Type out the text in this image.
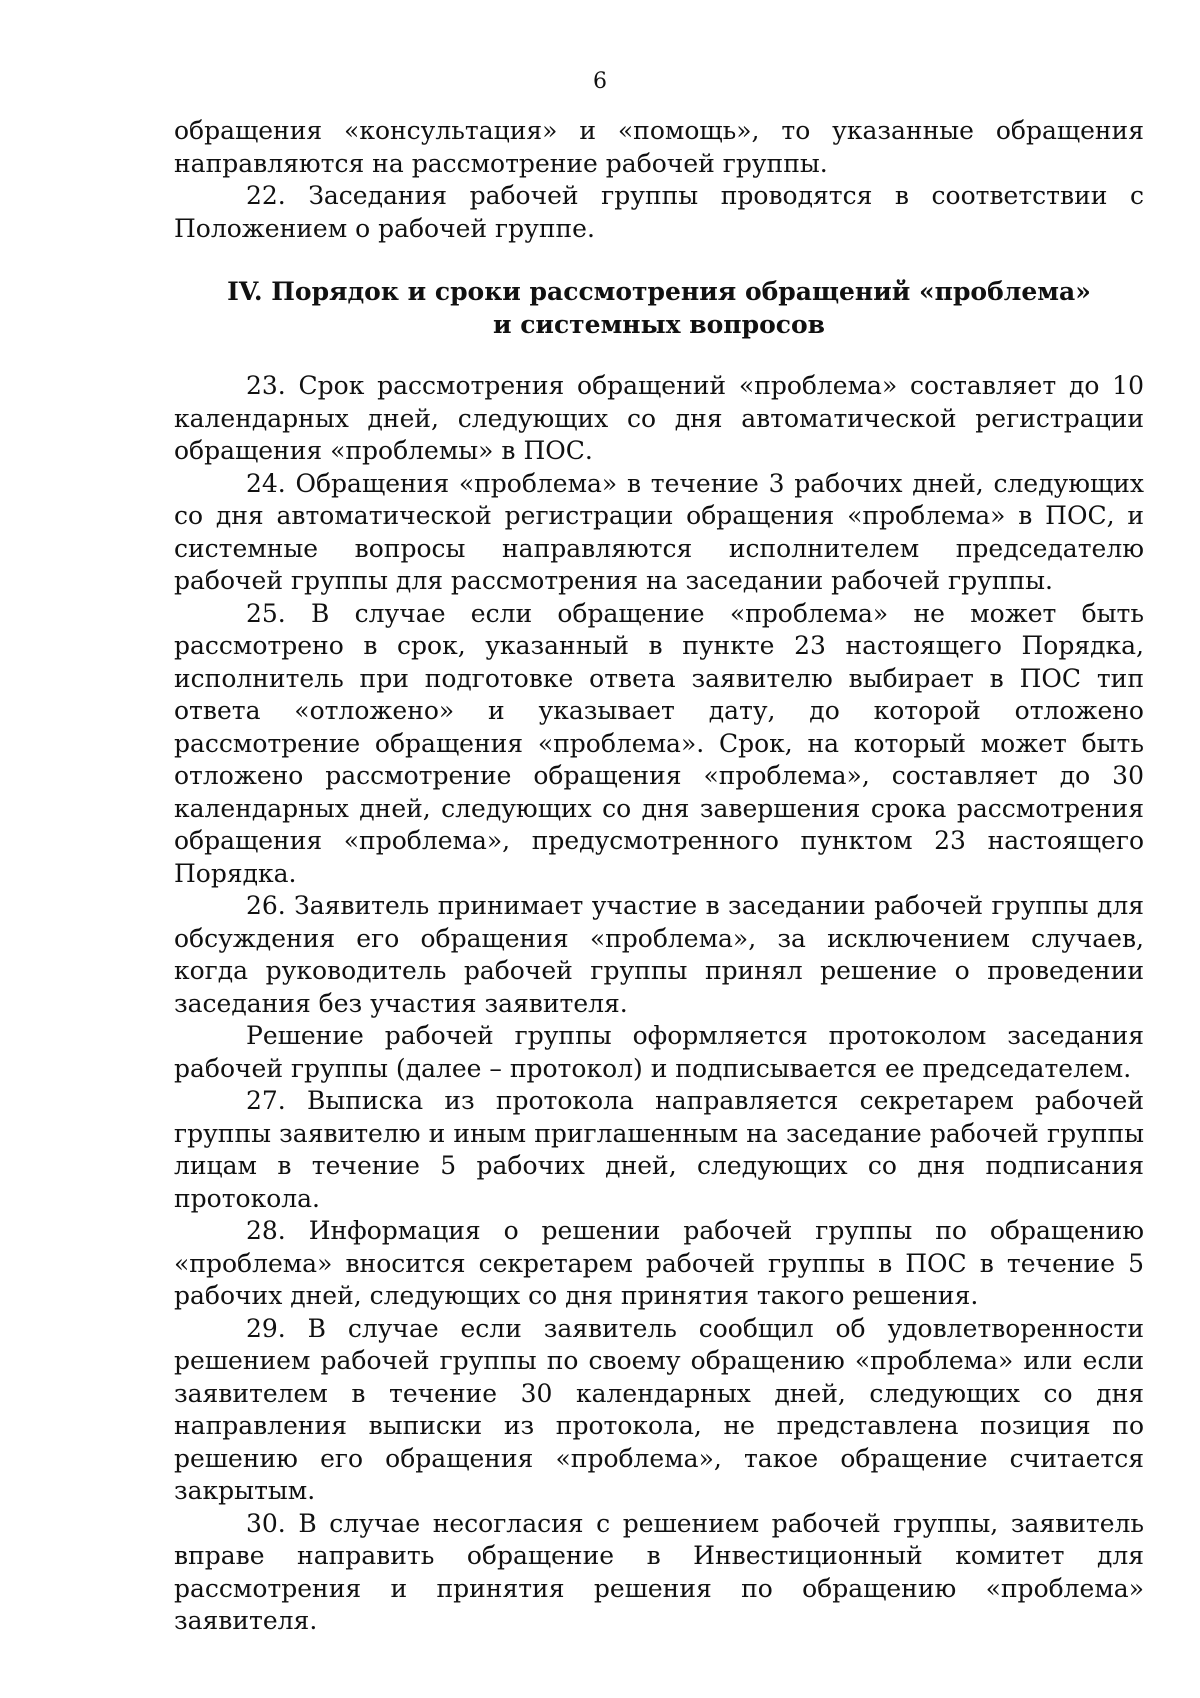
6

обращения «консультация» и «помощь», то указанные обращения направляются на рассмотрение рабочей группы.

22. Заседания рабочей группы проводятся в соответствии с Положением о рабочей группе.

IV. Порядок и сроки рассмотрения обращений «проблема»
и системных вопросов

23. Срок рассмотрения обращений «проблема» составляет до 10 календарных дней, следующих со дня автоматической регистрации обращения «проблемы» в ПОС.

24. Обращения «проблема» в течение 3 рабочих дней, следующих со дня автоматической регистрации обращения «проблема» в ПОС, и системные вопросы направляются исполнителем председателю рабочей группы для рассмотрения на заседании рабочей группы.

25. В случае если обращение «проблема» не может быть рассмотрено в срок, указанный в пункте 23 настоящего Порядка, исполнитель при подготовке ответа заявителю выбирает в ПОС тип ответа «отложено» и указывает дату, до которой отложено рассмотрение обращения «проблема». Срок, на который может быть отложено рассмотрение обращения «проблема», составляет до 30 календарных дней, следующих со дня завершения срока рассмотрения обращения «проблема», предусмотренного пунктом 23 настоящего Порядка.

26. Заявитель принимает участие в заседании рабочей группы для обсуждения его обращения «проблема», за исключением случаев, когда руководитель рабочей группы принял решение о проведении заседания без участия заявителя.

Решение рабочей группы оформляется протоколом заседания рабочей группы (далее – протокол) и подписывается ее председателем.

27. Выписка из протокола направляется секретарем рабочей группы заявителю и иным приглашенным на заседание рабочей группы лицам в течение 5 рабочих дней, следующих со дня подписания протокола.

28. Информация о решении рабочей группы по обращению «проблема» вносится секретарем рабочей группы в ПОС в течение 5 рабочих дней, следующих со дня принятия такого решения.

29. В случае если заявитель сообщил об удовлетворенности решением рабочей группы по своему обращению «проблема» или если заявителем в течение 30 календарных дней, следующих со дня направления выписки из протокола, не представлена позиция по решению его обращения «проблема», такое обращение считается закрытым.

30. В случае несогласия с решением рабочей группы, заявитель вправе направить обращение в Инвестиционный комитет для рассмотрения и принятия решения по обращению «проблема» заявителя.
